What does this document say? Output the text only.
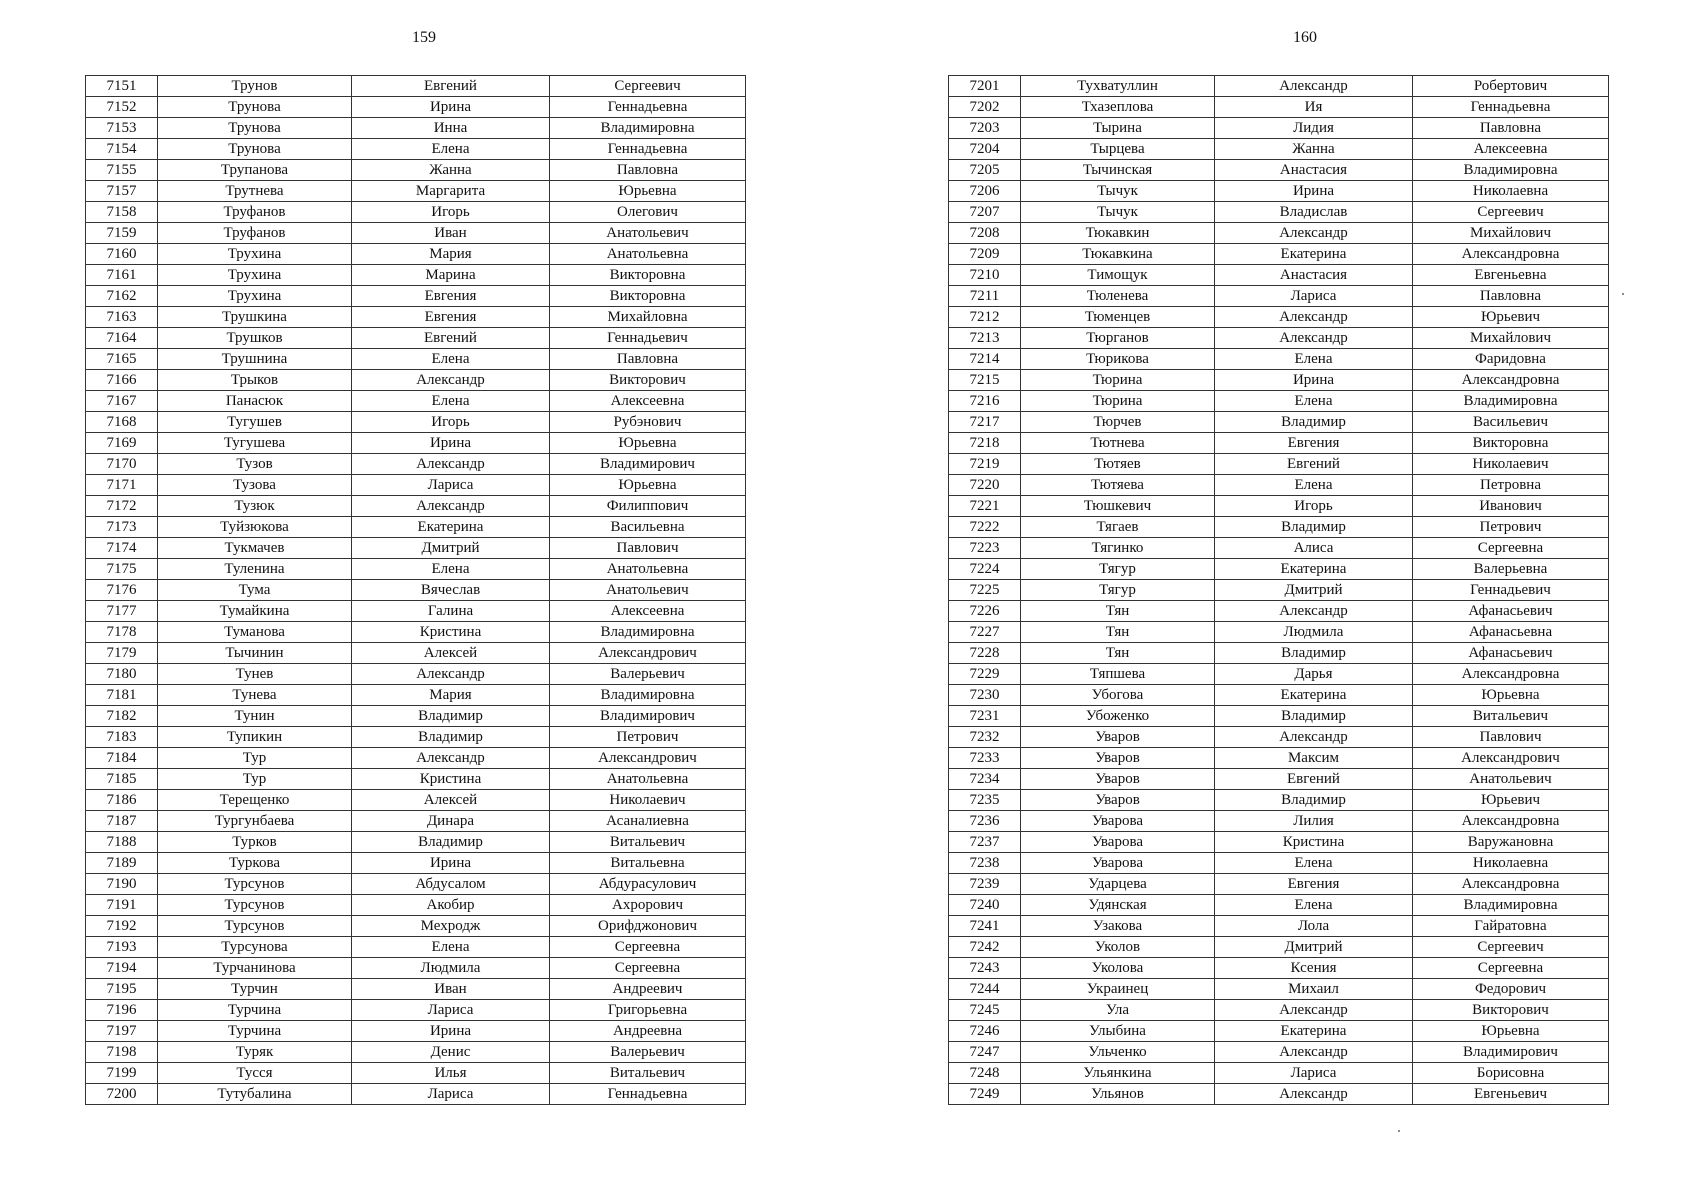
159
7151	Трунов	Евгений	Сергеевич
7152	Трунова	Ирина	Геннадьевна
7153	Трунова	Инна	Владимировна
7154	Трунова	Елена	Геннадьевна
7155	Трупанова	Жанна	Павловна
7157	Трутнева	Маргарита	Юрьевна
7158	Труфанов	Игорь	Олегович
7159	Труфанов	Иван	Анатольевич
7160	Трухина	Мария	Анатольевна
7161	Трухина	Марина	Викторовна
7162	Трухина	Евгения	Викторовна
7163	Трушкина	Евгения	Михайловна
7164	Трушков	Евгений	Геннадьевич
7165	Трушнина	Елена	Павловна
7166	Трыков	Александр	Викторович
7167	Панасюк	Елена	Алексеевна
7168	Тугушев	Игорь	Рубэнович
7169	Тугушева	Ирина	Юрьевна
7170	Тузов	Александр	Владимирович
7171	Тузова	Лариса	Юрьевна
7172	Тузюк	Александр	Филиппович
7173	Туйзюкова	Екатерина	Васильевна
7174	Тукмачев	Дмитрий	Павлович
7175	Туленина	Елена	Анатольевна
7176	Тума	Вячеслав	Анатольевич
7177	Тумайкина	Галина	Алексеевна
7178	Туманова	Кристина	Владимировна
7179	Тычинин	Алексей	Александрович
7180	Тунев	Александр	Валерьевич
7181	Тунева	Мария	Владимировна
7182	Тунин	Владимир	Владимирович
7183	Тупикин	Владимир	Петрович
7184	Тур	Александр	Александрович
7185	Тур	Кристина	Анатольевна
7186	Терещенко	Алексей	Николаевич
7187	Тургунбаева	Динара	Асаналиевна
7188	Турков	Владимир	Витальевич
7189	Туркова	Ирина	Витальевна
7190	Турсунов	Абдусалом	Абдурасулович
7191	Турсунов	Акобир	Ахророви​ч
7192	Турсунов	Мехродж	Орифджонович
7193	Турсунова	Елена	Сергеевна
7194	Турчанинова	Людмила	Сергеевна
7195	Турчин	Иван	Андреевич
7196	Турчина	Лариса	Григорьевна
7197	Турчина	Ирина	Андреевна
7198	Туряк	Денис	Валерьевич
7199	Тусся	Илья	Витальевич
7200	Тутубалина	Лариса	Геннадьевна
160
7201	Тухватуллин	Александр	Робертович
7202	Тхазеплова	Ия	Геннадьевна
7203	Тырина	Лидия	Павловна
7204	Тырцева	Жанна	Алексеевна
7205	Тычинская	Анастасия	Владимировна
7206	Тычук	Ирина	Николаевна
7207	Тычук	Владислав	Сергеевич
7208	Тюкавкин	Александр	Михайлович
7209	Тюкавкина	Екатерина	Александровна
7210	Тимощук	Анастасия	Евгеньевна
7211	Тюленева	Лариса	Павловна
7212	Тюменцев	Александр	Юрьевич
7213	Тюрганов	Александр	Михайлович
7214	Тюрикова	Елена	Фаридовна
7215	Тюрина	Ирина	Александровна
7216	Тюрина	Елена	Владимировна
7217	Тюрчев	Владимир	Васильевич
7218	Тютнева	Евгения	Викторовна
7219	Тютяев	Евгений	Николаевич
7220	Тютяева	Елена	Петровна
7221	Тюшкевич	Игорь	Иванович
7222	Тягаев	Владимир	Петрович
7223	Тягинко	Алиса	Сергеевна
7224	Тягур	Екатерина	Валерьевна
7225	Тягур	Дмитрий	Геннадьевич
7226	Тян	Александр	Афанасьевич
7227	Тян	Людмила	Афанасьевна
7228	Тян	Владимир	Афанасьевич
7229	Тяпшева	Дарья	Александровна
7230	Убогова	Екатерина	Юрьевна
7231	Убоженко	Владимир	Витальевич
7232	Уваров	Александр	Павлович
7233	Уваров	Максим	Александрович
7234	Уваров	Евгений	Анатольевич
7235	Уваров	Владимир	Юрьевич
7236	Уварова	Лилия	Александровна
7237	Уварова	Кристина	Варужановна
7238	Уварова	Елена	Николаевна
7239	Ударцева	Евгения	Александровна
7240	Удянская	Елена	Владимировна
7241	Узакова	Лола	Гайратовна
7242	Уколов	Дмитрий	Сергеевич
7243	Уколова	Ксения	Сергеевна
7244	Украинец	Михаил	Федорович
7245	Ула	Александр	Викторович
7246	Улыбина	Екатерина	Юрьевна
7247	Ульченко	Александр	Владимирович
7248	Ульянкина	Лариса	Борисовна
7249	Ульянов	Александр	Евгеньевич
